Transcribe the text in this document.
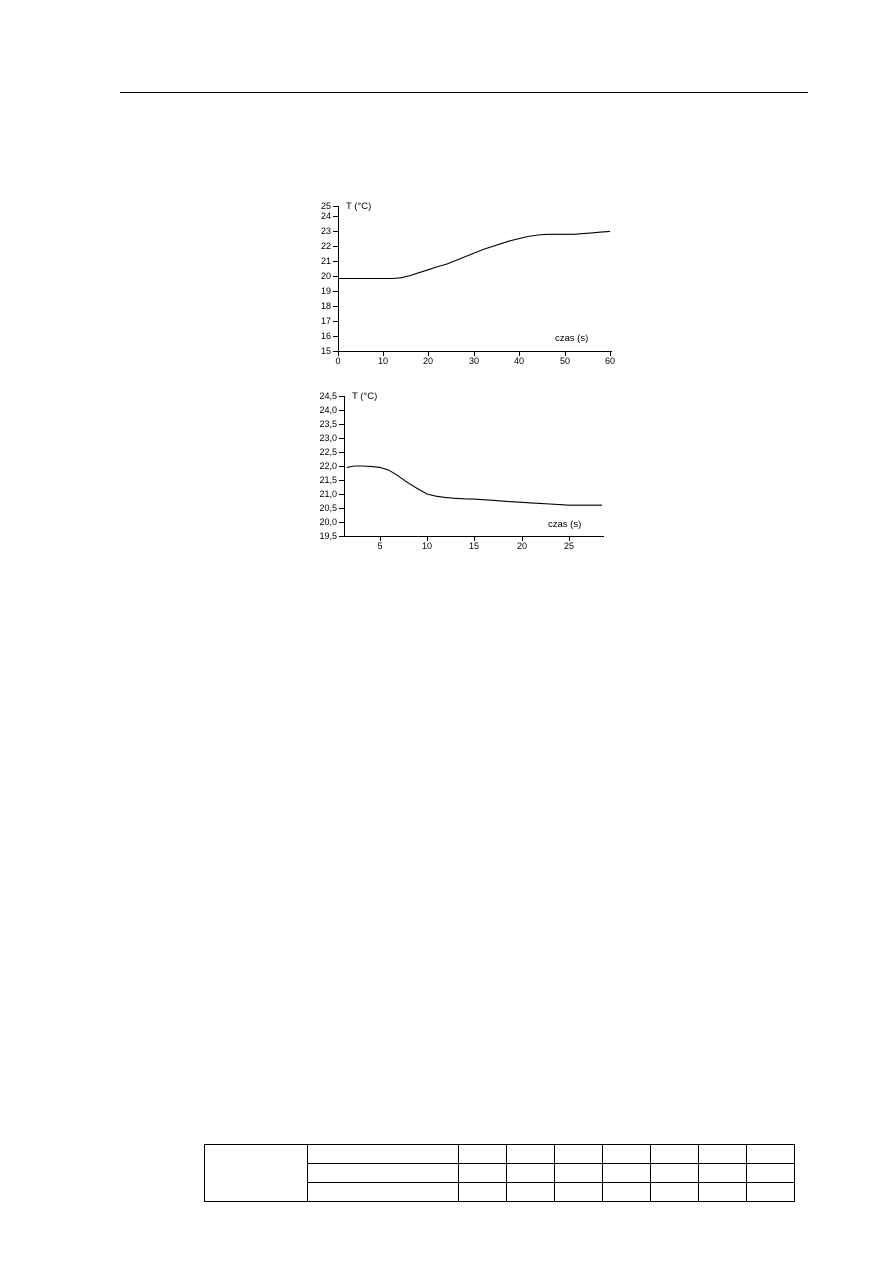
15
16
17
18
19
20
21
22
23
24
25
0	10	20	30	40	50	60
T (°C)
czas (s)
19,5
20,0
20,5
21,0
21,5
22,0
22,5
23,0
23,5
24,0
24,5
5	10	15	20	25
T (°C)
czas (s)
